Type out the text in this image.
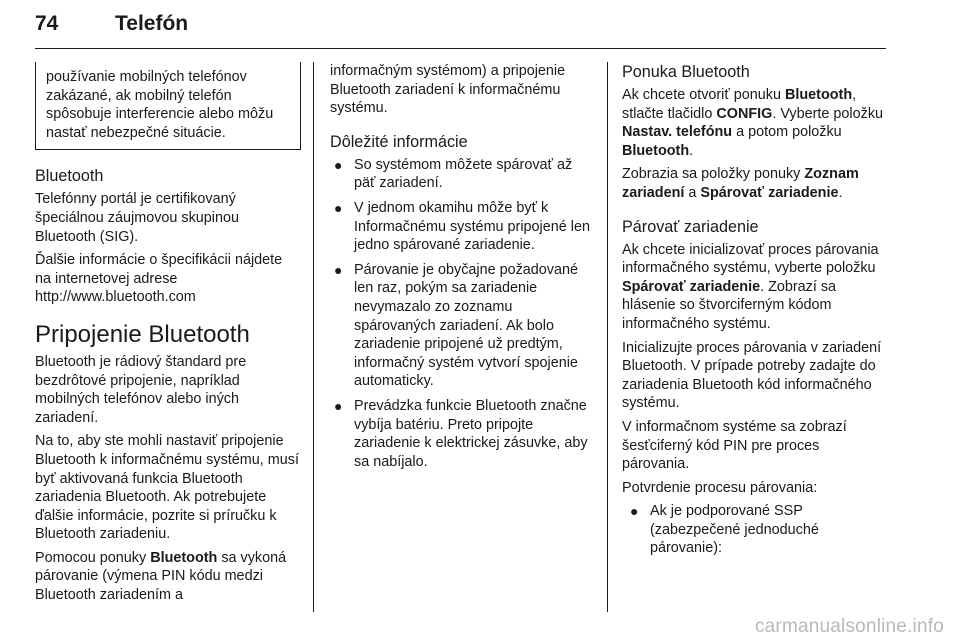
74	Telefón
používanie mobilných telefónov zakázané, ak mobilný telefón spôsobuje interferencie alebo môžu nastať nebezpečné situácie.
Bluetooth

Telefónny portál je certifikovaný špeciálnou záujmovou skupinou Bluetooth (SIG).

Ďalšie informácie o špecifikácii nájdete na internetovej adrese http://www.bluetooth.com

Pripojenie Bluetooth

Bluetooth je rádiový štandard pre bezdrôtové pripojenie, napríklad mobilných telefónov alebo iných zariadení.

Na to, aby ste mohli nastaviť pripojenie Bluetooth k informačnému systému, musí byť aktivovaná funkcia Bluetooth zariadenia Bluetooth. Ak potrebujete ďalšie informácie, pozrite si príručku k Bluetooth zariadeniu.

Pomocou ponuky Bluetooth sa vykoná párovanie (výmena PIN kódu medzi Bluetooth zariadením a

informačným systémom) a pripojenie Bluetooth zariadení k informačnému systému.

Dôležité informácie
● So systémom môžete spárovať až päť zariadení.
● V jednom okamihu môže byť k Informačnému systému pripojené len jedno spárované zariadenie.
● Párovanie je obyčajne požadované len raz, pokým sa zariadenie nevymazalo zo zoznamu spárovaných zariadení. Ak bolo zariadenie pripojené už predtým, informačný systém vytvorí spojenie automaticky.
● Prevádzka funkcie Bluetooth značne vybíja batériu. Preto pripojte zariadenie k elektrickej zásuvke, aby sa nabíjalo.
Ponuka Bluetooth

Ak chcete otvoriť ponuku Bluetooth, stlačte tlačidlo CONFIG. Vyberte položku Nastav. telefónu a potom položku Bluetooth.

Zobrazia sa položky ponuky Zoznam zariadení a Spárovať zariadenie.

Párovať zariadenie

Ak chcete inicializovať proces párovania informačného systému, vyberte položku Spárovať zariadenie. Zobrazí sa hlásenie so štvorciferným kódom informačného systému.

Inicializujte proces párovania v zariadení Bluetooth. V prípade potreby zadajte do zariadenia Bluetooth kód informačného systému.

V informačnom systéme sa zobrazí šesťciferný kód PIN pre proces párovania.

Potvrdenie procesu párovania:

● Ak je podporované SSP (zabezpečené jednoduché párovanie):
carmanualsonline.info
